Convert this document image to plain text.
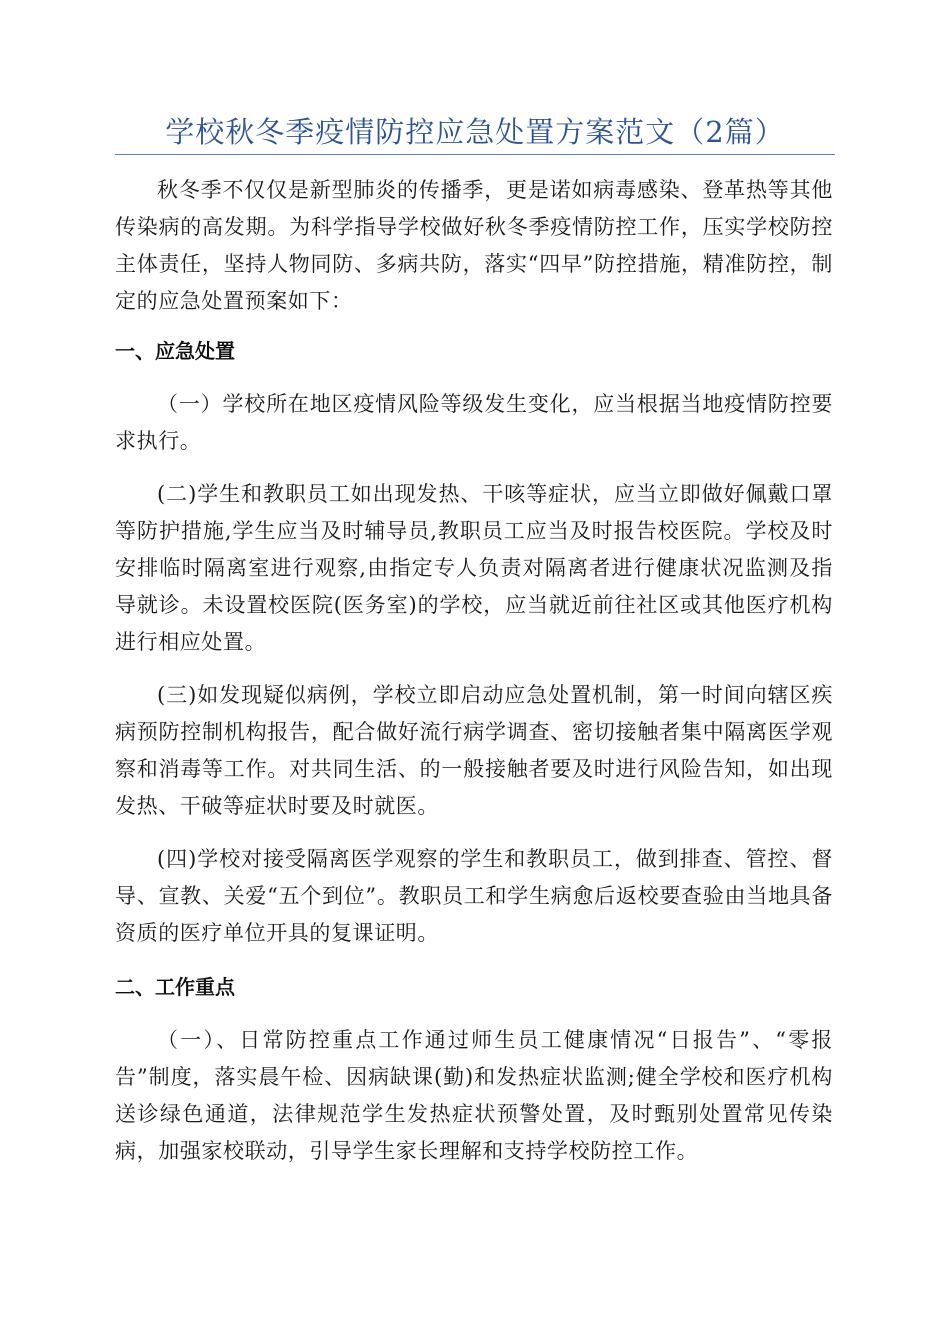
学校秋冬季疫情防控应急处置方案范文（2篇）

秋冬季不仅仅是新型肺炎的传播季，更是诺如病毒感染、登革热等其他传染病的高发期。为科学指导学校做好秋冬季疫情防控工作，压实学校防控主体责任，坚持人物同防、多病共防，落实“四早”防控措施，精准防控，制定的应急处置预案如下：

一、应急处置

（一）学校所在地区疫情风险等级发生变化，应当根据当地疫情防控要求执行。

(二)学生和教职员工如出现发热、干咳等症状，应当立即做好佩戴口罩等防护措施,学生应当及时辅导员,教职员工应当及时报告校医院。学校及时安排临时隔离室进行观察,由指定专人负责对隔离者进行健康状况监测及指导就诊。未设置校医院(医务室)的学校，应当就近前往社区或其他医疗机构进行相应处置。

(三)如发现疑似病例，学校立即启动应急处置机制，第一时间向辖区疾病预防控制机构报告，配合做好流行病学调查、密切接触者集中隔离医学观察和消毒等工作。对共同生活、的一般接触者要及时进行风险告知，如出现发热、干破等症状时要及时就医。

(四)学校对接受隔离医学观察的学生和教职员工，做到排查、管控、督导、宣教、关爱“五个到位”。教职员工和学生病愈后返校要查验由当地具备资质的医疗单位开具的复课证明。

二、工作重点

（一）、日常防控重点工作通过师生员工健康情况“日报告”、“零报告”制度，落实晨午检、因病缺课(勤)和发热症状监测;健全学校和医疗机构送诊绿色通道，法律规范学生发热症状预警处置，及时甄别处置常见传染病，加强家校联动，引导学生家长理解和支持学校防控工作。
